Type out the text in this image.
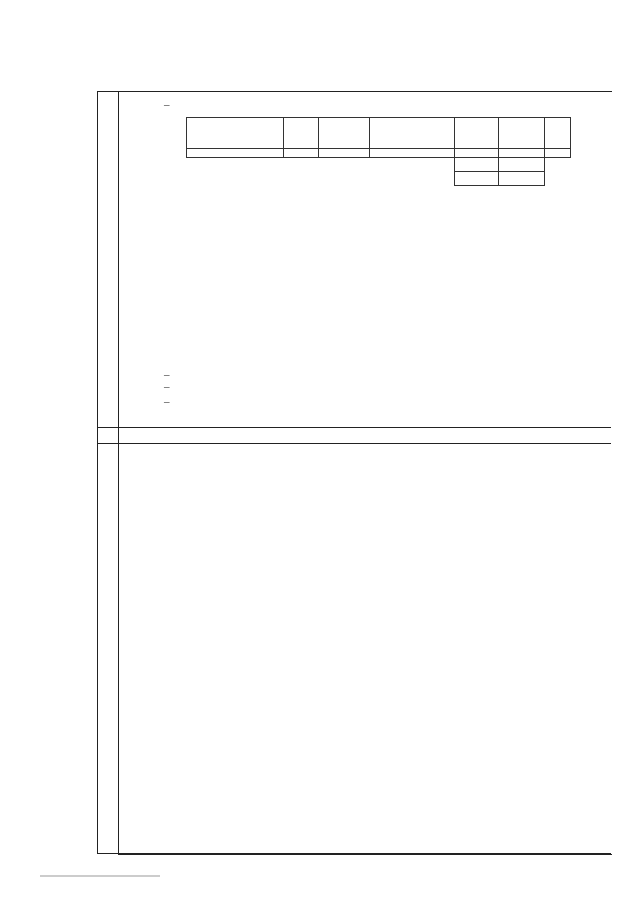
–

–
–
–
